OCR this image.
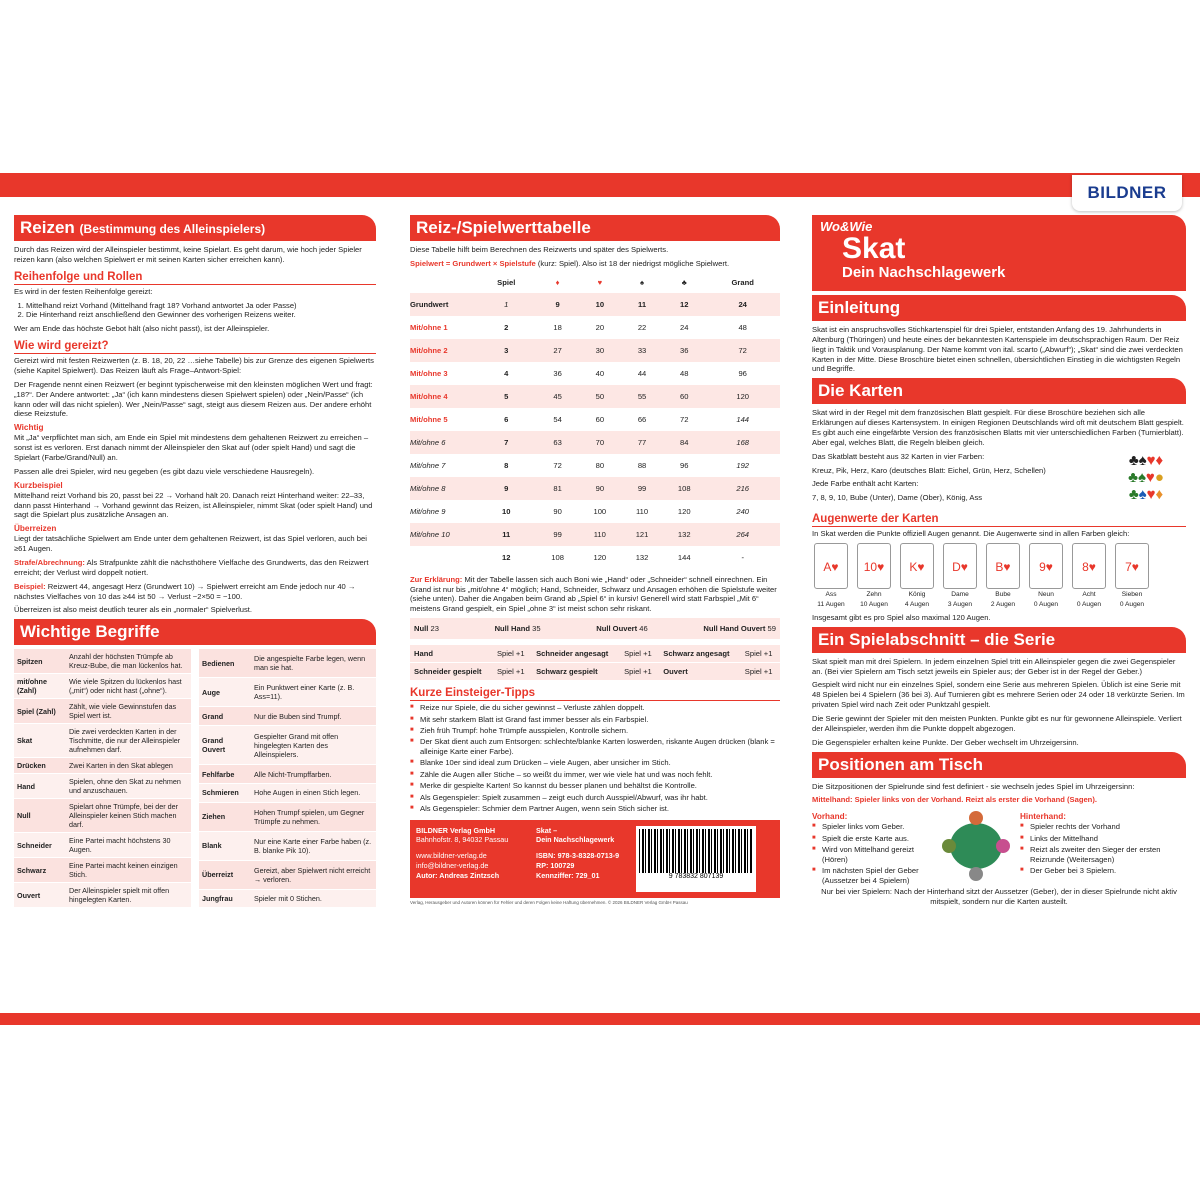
BILDNER
Reizen (Bestimmung des Alleinspielers)

Durch das Reizen wird der Alleinspieler bestimmt, keine Spielart. Es geht darum, wie hoch jeder Spieler reizen kann (also welchen Spielwert er mit seinen Karten sicher erreichen kann).

Reihenfolge und Rollen

Es wird in der festen Reihenfolge gereizt:

1. Mittelhand reizt Vorhand (Mittelhand fragt 18? Vorhand antwortet Ja oder Passe)
2. Die Hinterhand reizt anschließend den Gewinner des vorherigen Reizens weiter.

Wer am Ende das höchste Gebot hält (also nicht passt), ist der Alleinspieler.

Wie wird gereizt?

Gereizt wird mit festen Reizwerten (z. B. 18, 20, 22 …siehe Tabelle) bis zur Grenze des eigenen Spielwerts (siehe Kapitel Spielwert). Das Reizen läuft als Frage–Antwort-Spiel:

Der Fragende nennt einen Reizwert (er beginnt typischerweise mit den kleinsten möglichen Wert und fragt: „18?“. Der Andere antwortet: „Ja“ (ich kann mindestens diesen Spielwert spielen) oder „Nein/Passe“ (ich kann oder will das nicht spielen). Wer „Nein/Passe“ sagt, steigt aus diesem Reizen aus. Der andere erhöht diese Reizstufe.

Wichtig

Mit „Ja“ verpflichtet man sich, am Ende ein Spiel mit mindestens dem gehaltenen Reizwert zu erreichen – sonst ist es verloren. Erst danach nimmt der Alleinspieler den Skat auf (oder spielt Hand) und sagt die Spielart (Farbe/Grand/Null) an.

Passen alle drei Spieler, wird neu gegeben (es gibt dazu viele verschiedene Hausregeln).

Kurzbeispiel

Mittelhand reizt Vorhand bis 20, passt bei 22 → Vorhand hält 20. Danach reizt Hinterhand weiter: 22–33, dann passt Hinterhand → Vorhand gewinnt das Reizen, ist Alleinspieler, nimmt Skat (oder spielt Hand) und sagt die Spielart plus zusätzliche Ansagen an.

Überreizen

Liegt der tatsächliche Spielwert am Ende unter dem gehaltenen Reizwert, ist das Spiel verloren, auch bei ≥61 Augen.

Strafe/Abrechnung: Als Strafpunkte zählt die nächsthöhere Vielfache des Grundwerts, das den Reizwert erreicht; der Verlust wird doppelt notiert.

Beispiel: Reizwert 44, angesagt Herz (Grundwert 10) → Spielwert erreicht am Ende jedoch nur 40 → nächstes Vielfaches von 10 das ≥44 ist 50 → Verlust −2×50 = −100.

Überreizen ist also meist deutlich teurer als ein „normaler“ Spielverlust.

Wichtige Begriffe
Spitzen	Anzahl der höchsten Trümpfe ab Kreuz-Bube, die man lückenlos hat.
mit/ohne (Zahl)	Wie viele Spitzen du lückenlos hast („mit“) oder nicht hast („ohne“).
Spiel (Zahl)	Zählt, wie viele Gewinnstufen das Spiel wert ist.
Skat	Die zwei verdeckten Karten in der Tischmitte, die nur der Alleinspieler aufnehmen darf.
Drücken	Zwei Karten in den Skat ablegen
Hand	Spielen, ohne den Skat zu nehmen und anzuschauen.
Null	Spielart ohne Trümpfe, bei der der Alleinspieler keinen Stich machen darf.
Schneider	Eine Partei macht höchstens 30 Augen.
Schwarz	Eine Partei macht keinen einzigen Stich.
Ouvert	Der Alleinspieler spielt mit offen hingelegten Karten.
Bedienen	Die angespielte Farbe legen, wenn man sie hat.
Auge	Ein Punktwert einer Karte (z. B. Ass=11).
Grand	Nur die Buben sind Trumpf.
Grand Ouvert	Gespielter Grand mit offen hingelegten Karten des Alleinspielers.
Fehlfarbe	Alle Nicht-Trumpffarben.
Schmieren	Hohe Augen in einen Stich legen.
Ziehen	Hohen Trumpf spielen, um Gegner Trümpfe zu nehmen.
Blank	Nur eine Karte einer Farbe haben (z. B. blanke Pik 10).
Überreizt	Gereizt, aber Spielwert nicht erreicht → verloren.
Jungfrau	Spieler mit 0 Stichen.
Reiz-/Spielwerttabelle

Diese Tabelle hilft beim Berechnen des Reizwerts und später des Spielwerts.

Spielwert = Grundwert × Spielstufe (kurz: Spiel). Also ist 18 der niedrigst mögliche Spielwert.

	Spiel	♦	♥	♠	♣	Grand
Grundwert	1	9	10	11	12	24
Mit/ohne 1	2	18	20	22	24	48
Mit/ohne 2	3	27	30	33	36	72
Mit/ohne 3	4	36	40	44	48	96
Mit/ohne 4	5	45	50	55	60	120
Mit/ohne 5	6	54	60	66	72	144
Mit/ohne 6	7	63	70	77	84	168
Mit/ohne 7	8	72	80	88	96	192
Mit/ohne 8	9	81	90	99	108	216
Mit/ohne 9	10	90	100	110	120	240
Mit/ohne 10	11	99	110	121	132	264
	12	108	120	132	144	-

Zur Erklärung: Mit der Tabelle lassen sich auch Boni wie „Hand“ oder „Schneider“ schnell einrechnen. Ein Grand ist nur bis „mit/ohne 4“ möglich; Hand, Schneider, Schwarz und Ansagen erhöhen die Spielstufe weiter (siehe unten). Daher die Angaben beim Grand ab „Spiel 6“ in kursiv! Generell wird statt Farbspiel „Mit 6“ meistens Grand gespielt, ein Spiel „ohne 3“ ist meist schon sehr riskant.

Null 23	Null Hand 35	Null Ouvert 46	Null Hand Ouvert 59
Hand	Spiel +1	Schneider angesagt	Spiel +1	Schwarz angesagt	Spiel +1
Schneider gespielt	Spiel +1	Schwarz gespielt	Spiel +1	Ouvert	Spiel +1
Kurze Einsteiger-Tipps
■ Reize nur Spiele, die du sicher gewinnst – Verluste zählen doppelt.
■ Mit sehr starkem Blatt ist Grand fast immer besser als ein Farbspiel.
■ Zieh früh Trumpf: hohe Trümpfe ausspielen, Kontrolle sichern.
■ Der Skat dient auch zum Entsorgen: schlechte/blanke Karten loswerden, riskante Augen drücken (blank = alleinige Karte einer Farbe).
■ Blanke 10er sind ideal zum Drücken – viele Augen, aber unsicher im Stich.
■ Zähle die Augen aller Stiche – so weißt du immer, wer wie viele hat und was noch fehlt.
■ Merke dir gespielte Karten! So kannst du besser planen und behältst die Kontrolle.
■ Als Gegenspieler: Spielt zusammen – zeigt euch durch Ausspiel/Abwurf, was ihr habt.
■ Als Gegenspieler: Schmier dem Partner Augen, wenn sein Stich sicher ist.
BILDNER Verlag GmbH
Bahnhofstr. 8, 94032 Passau
www.bildner-verlag.de
info@bildner-verlag.de
Autor: Andreas Zintzsch
Skat –
Dein Nachschlagewerk
ISBN: 978-3-8328-0713-9
RP: 100729
Kennziffer: 729_01	9 783832 807139

Verlag, Herausgeber und Autoren können für Fehler und deren Folgen keine Haftung übernehmen. © 2026 BILDNER Verlag GmbH Passau

Wo&Wie
Skat
Dein Nachschlagewerk
Einleitung

Skat ist ein anspruchsvolles Stichkartenspiel für drei Spieler, entstanden Anfang des 19. Jahrhunderts in Altenburg (Thüringen) und heute eines der bekanntesten Kartenspiele im deutschsprachigen Raum. Der Reiz liegt in Taktik und Vorausplanung. Der Name kommt von ital. scarto („Abwurf“); „Skat“ sind die zwei verdeckten Karten in der Mitte. Diese Broschüre bietet einen schnellen, übersichtlichen Einstieg in die wichtigsten Regeln und Begriffe.

Die Karten

Skat wird in der Regel mit dem französischen Blatt gespielt. Für diese Broschüre beziehen sich alle Erklärungen auf dieses Kartensystem. In einigen Regionen Deutschlands wird oft mit deutschem Blatt gespielt. Es gibt auch eine eingefärbte Version des französischen Blatts mit vier unterschiedlichen Farben (Turnierblatt). Aber egal, welches Blatt, die Regeln bleiben gleich.

Das Skatblatt besteht aus 32 Karten in vier Farben:

Kreuz, Pik, Herz, Karo (deutsches Blatt: Eichel, Grün, Herz, Schellen)

Jede Farbe enthält acht Karten:

7, 8, 9, 10, Bube (Unter), Dame (Ober), König, Ass

♣♠♥♦
♣♠♥●
♣♠♥♦
Augenwerte der Karten

In Skat werden die Punkte offiziell Augen genannt. Die Augenwerte sind in allen Farben gleich:

A♥
Ass
11 Augen
10♥
Zehn
10 Augen
K♥
König
4 Augen
D♥
Dame
3 Augen
B♥
Bube
2 Augen
9♥
Neun
0 Augen
8♥
Acht
0 Augen
7♥
Sieben
0 Augen

Insgesamt gibt es pro Spiel also maximal 120 Augen.

Ein Spielabschnitt – die Serie

Skat spielt man mit drei Spielern. In jedem einzelnen Spiel tritt ein Alleinspieler gegen die zwei Gegenspieler an. (Bei vier Spielern am Tisch setzt jeweils ein Spieler aus; der Geber ist in der Regel der Geber.)

Gespielt wird nicht nur ein einzelnes Spiel, sondern eine Serie aus mehreren Spielen. Üblich ist eine Serie mit 48 Spielen bei 4 Spielern (36 bei 3). Auf Turnieren gibt es mehrere Serien oder 24 oder 18 verkürzte Serien. Im privaten Spiel wird nach Zeit oder Punktzahl gespielt.

Die Serie gewinnt der Spieler mit den meisten Punkten. Punkte gibt es nur für gewonnene Alleinspiele. Verliert der Alleinspieler, werden ihm die Punkte doppelt abgezogen.

Die Gegenspieler erhalten keine Punkte. Der Geber wechselt im Uhrzeigersinn.

Positionen am Tisch

Die Sitzpositionen der Spielrunde sind fest definiert - sie wechseln jedes Spiel im Uhrzeigersinn:

Mittelhand: Spieler links von der Vorhand. Reizt als erster die Vorhand (Sagen).

Vorhand:
■ Spieler links vom Geber.
■ Spielt die erste Karte aus.
■ Wird von Mittelhand gereizt (Hören)
■ Im nächsten Spiel der Geber (Aussetzer bei 4 Spielern)
Hinterhand:
■ Spieler rechts der Vorhand
■ Links der Mittelhand
■ Reizt als zweiter den Sieger der ersten Reizrunde (Weitersagen)
■ Der Geber bei 3 Spielern.

Nur bei vier Spielern: Nach der Hinterhand sitzt der Aussetzer (Geber), der in dieser Spielrunde nicht aktiv mitspielt, sondern nur die Karten austeilt.
